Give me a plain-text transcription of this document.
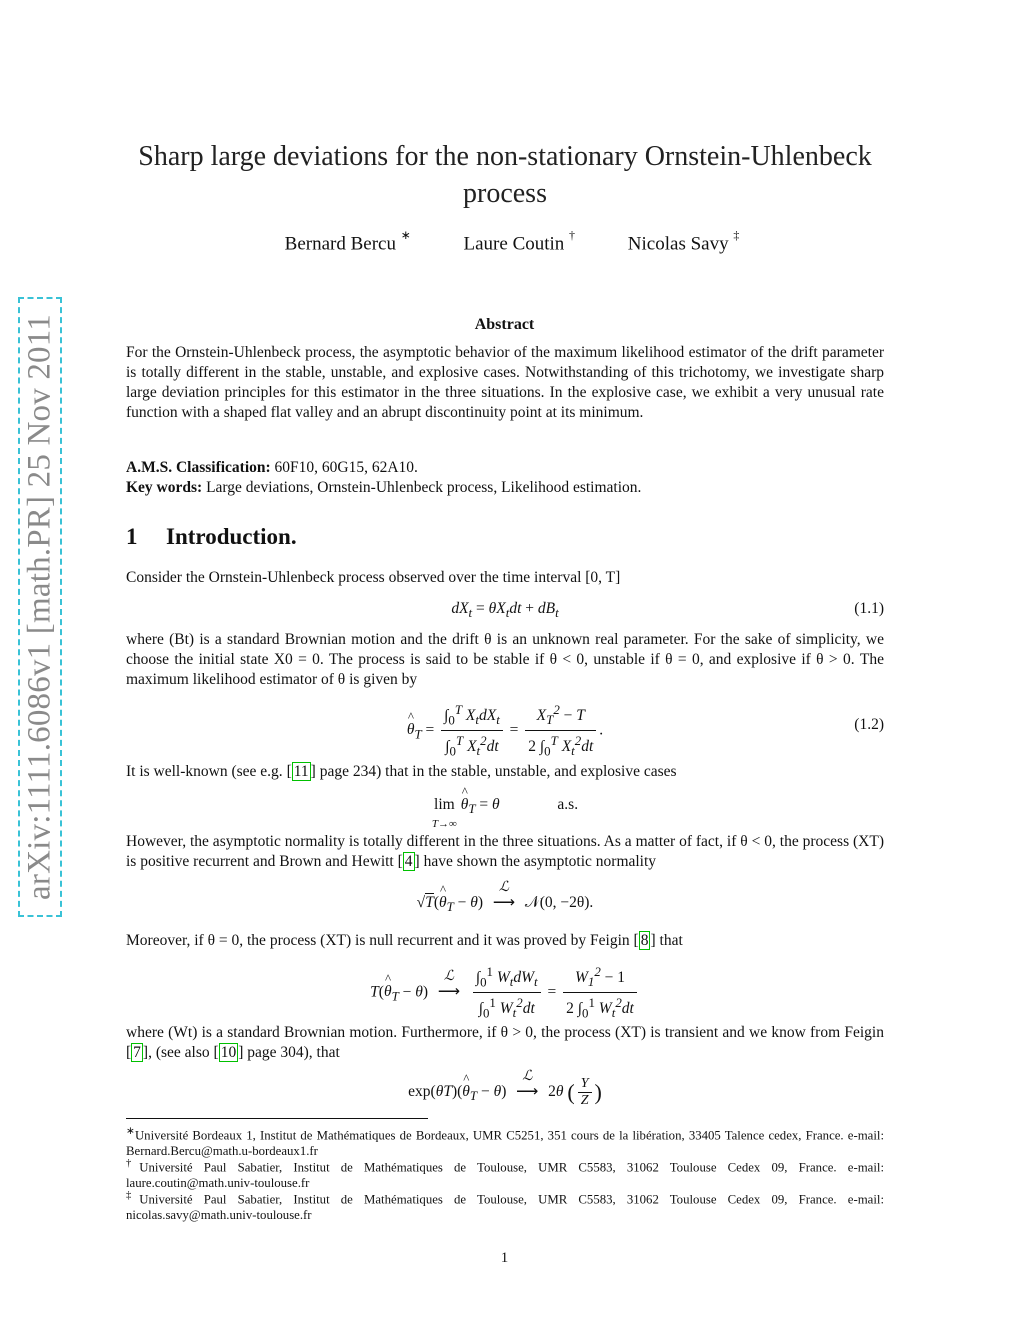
arXiv:1111.6086v1 [math.PR] 25 Nov 2011
Sharp large deviations for the non-stationary Ornstein-Uhlenbeck process
Bernard Bercu ∗	Laure Coutin †	Nicolas Savy ‡
Abstract
For the Ornstein-Uhlenbeck process, the asymptotic behavior of the maximum likelihood estimator of the drift parameter is totally different in the stable, unstable, and explosive cases. Notwithstanding of this trichotomy, we investigate sharp large deviation principles for this estimator in the three situations. In the explosive case, we exhibit a very unusual rate function with a shaped flat valley and an abrupt discontinuity point at its minimum.
A.M.S. Classification: 60F10, 60G15, 62A10.
Key words: Large deviations, Ornstein-Uhlenbeck process, Likelihood estimation.
1 Introduction.
Consider the Ornstein-Uhlenbeck process observed over the time interval [0, T]
$dX_t = \theta X_tdt + dB_t$	(1.1)
where (Bt) is a standard Brownian motion and the drift θ is an unknown real parameter. For the sake of simplicity, we choose the initial state X0 = 0. The process is said to be stable if θ < 0, unstable if θ = 0, and explosive if θ > 0. The maximum likelihood estimator of θ is given by
^ $\theta_T = \frac{\int_0^T X_tdX_t}{\int_0^T X_t^2dt} = \frac{X_T^2 - T}{2 \int_0^T X_t^2dt}$ .	(1.2)
It is well-known (see e.g. [ 11 ] page 234) that in the stable, unstable, and explosive cases
lim
T→∞ ^ $\theta_T = \theta$	a.s.
However, the asymptotic normality is totally different in the three situations. As a matter of fact, if θ < 0, the process (XT) is positive recurrent and Brown and Hewitt [ 4 ] have shown the asymptotic normality
√T(^ $\theta_T - \theta$)
ℒ
⟶ 𝒩(0, −2θ).
Moreover, if θ = 0, the process (XT) is null recurrent and it was proved by Feigin [ 8 ] that
T(^ $\theta_T - \theta$)
ℒ
⟶ $\frac{\int_0^1 W_tdW_t}{\int_0^1 W_t^2dt} = \frac{W_1^2 - 1}{2 \int_0^1 W_t^2dt}$
where (Wt) is a standard Brownian motion. Furthermore, if θ > 0, the process (XT) is transient and we know from Feigin [ 7 ], (see also [ 10 ] page 304), that
exp(θT)(^ $\theta_T - \theta$)
ℒ
⟶ 2θ ( $\frac{Y}{Z}$ )
∗Université Bordeaux 1, Institut de Mathématiques de Bordeaux, UMR C5251, 351 cours de la libération, 33405 Talence cedex, France. e-mail: Bernard.Bercu@math.u-bordeaux1.fr
†Université Paul Sabatier, Institut de Mathématiques de Toulouse, UMR C5583, 31062 Toulouse Cedex 09, France. e-mail: laure.coutin@math.univ-toulouse.fr
‡Université Paul Sabatier, Institut de Mathématiques de Toulouse, UMR C5583, 31062 Toulouse Cedex 09, France. e-mail: nicolas.savy@math.univ-toulouse.fr
1
